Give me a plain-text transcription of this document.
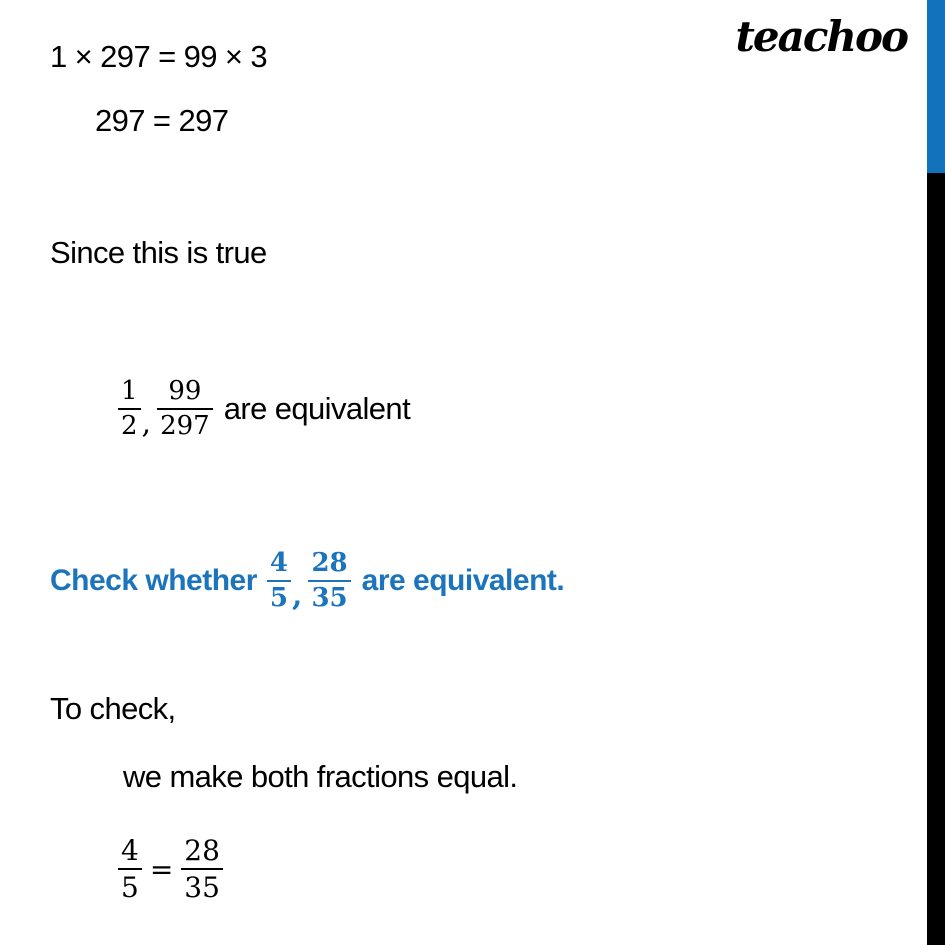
teachoo
1 × 297 = 99 × 3
297 = 297
Since this is true
$\frac{1}{2}$ , $\frac{99}{297}$ are equivalent
Check whether $\frac{4}{5}$ , $\frac{28}{35}$ are equivalent.
To check,
we make both fractions equal.
$\frac{4}{5} = \frac{28}{35}$
